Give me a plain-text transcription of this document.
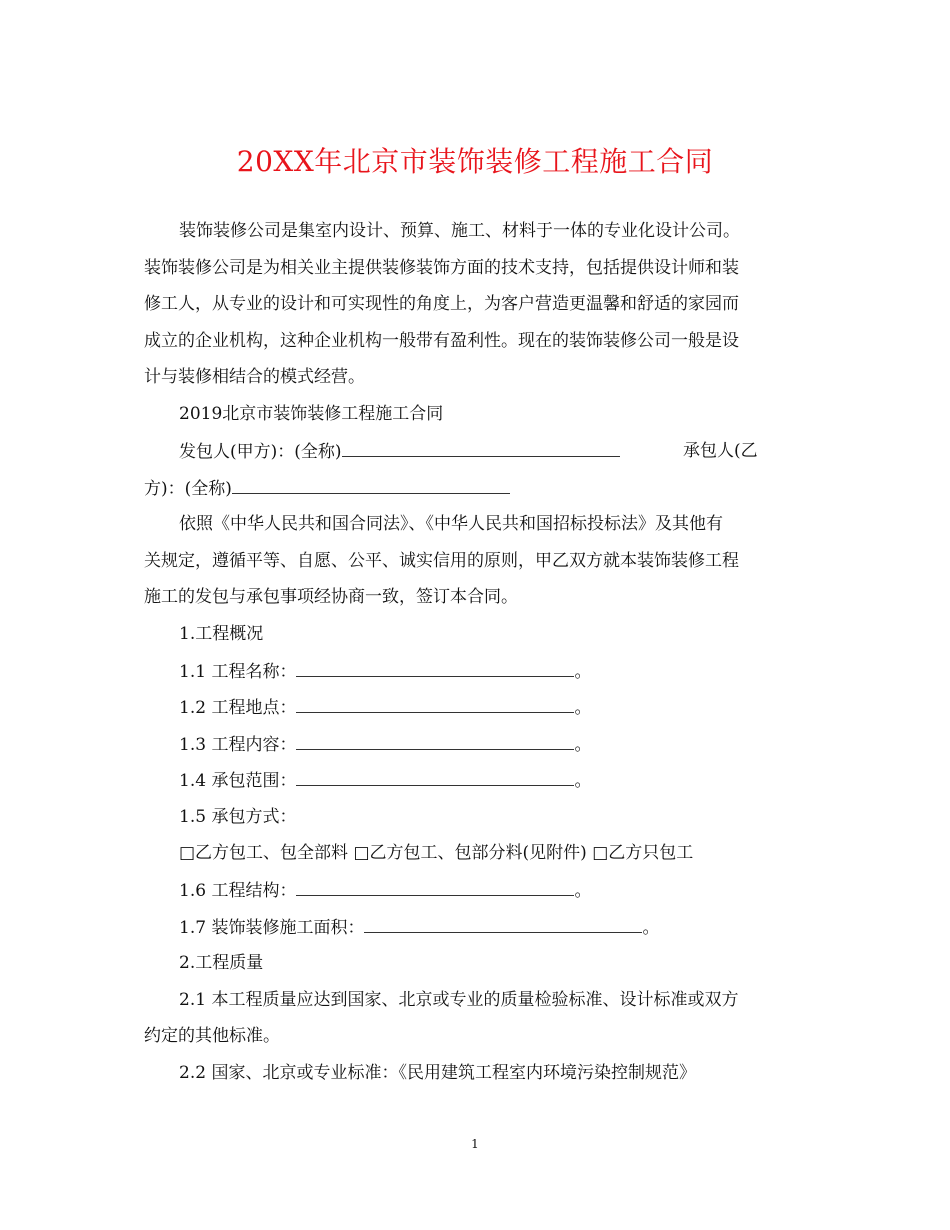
20XX年北京市装饰装修工程施工合同
装饰装修公司是集室内设计、预算、施工、材料于一体的专业化设计公司。
装饰装修公司是为相关业主提供装修装饰方面的技术支持，包括提供设计师和装
修工人，从专业的设计和可实现性的角度上，为客户营造更温馨和舒适的家园而
成立的企业机构，这种企业机构一般带有盈利性。现在的装饰装修公司一般是设
计与装修相结合的模式经营。
2019北京市装饰装修工程施工合同
发包人(甲方)：(全称)	承包人(乙
方)：(全称)
依照《中华人民共和国合同法》、《中华人民共和国招标投标法》及其他有
关规定，遵循平等、自愿、公平、诚实信用的原则，甲乙双方就本装饰装修工程
施工的发包与承包事项经协商一致，签订本合同。
1.工程概况
1.1 工程名称：	。
1.2 工程地点：	。
1.3 工程内容：	。
1.4 承包范围：	。
1.5 承包方式：
□乙方包工、包全部料 □乙方包工、包部分料(见附件) □乙方只包工
1.6 工程结构：	。
1.7 装饰装修施工面积：	。
2.工程质量
2.1 本工程质量应达到国家、北京或专业的质量检验标准、设计标准或双方
约定的其他标准。
2.2 国家、北京或专业标准：《民用建筑工程室内环境污染控制规范》
1
